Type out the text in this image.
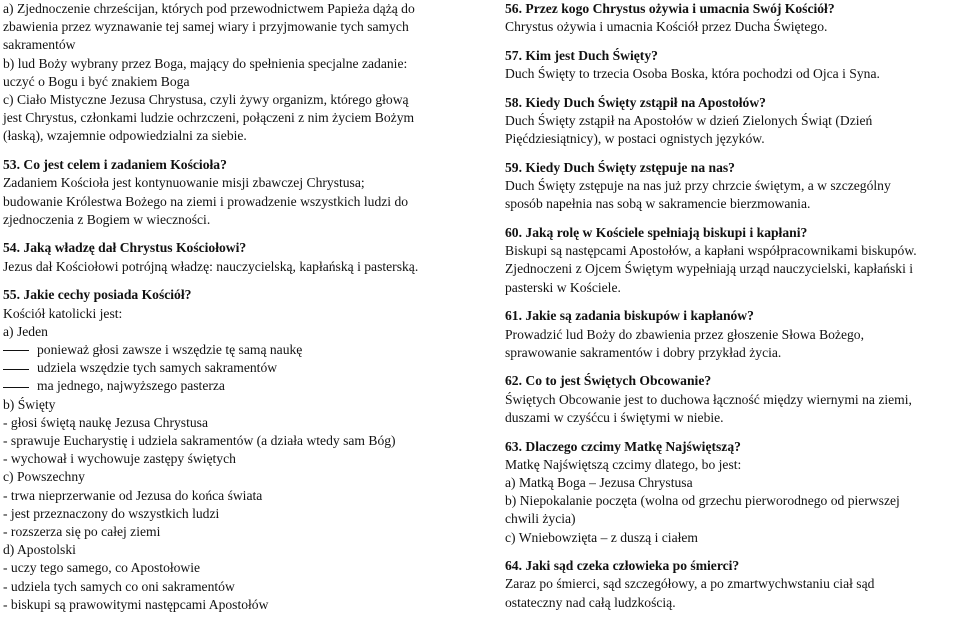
a) Zjednoczenie chrześcijan, których pod przewodnictwem Papieża dążą do
zbawienia przez wyznawanie tej samej wiary i przyjmowanie tych samych
sakramentów
b) lud Boży wybrany przez Boga, mający do spełnienia specjalne zadanie:
uczyć o Bogu i być znakiem Boga
c) Ciało Mistyczne Jezusa Chrystusa, czyli żywy organizm, którego głową
jest Chrystus, członkami ludzie ochrzczeni, połączeni z nim życiem Bożym
(łaską), wzajemnie odpowiedzialni za siebie.
53. Co jest celem i zadaniem Kościoła?
Zadaniem Kościoła jest kontynuowanie misji zbawczej Chrystusa;
budowanie Królestwa Bożego na ziemi i prowadzenie wszystkich ludzi do
zjednoczenia z Bogiem w wieczności.
54. Jaką władzę dał Chrystus Kościołowi?
Jezus dał Kościołowi potrójną władzę: nauczycielską, kapłańską i pasterską.
55. Jakie cechy posiada Kościół?
Kościół katolicki jest:
a) Jeden
ponieważ głosi zawsze i wszędzie tę samą naukę
udziela wszędzie tych samych sakramentów
ma jednego, najwyższego pasterza
b) Święty
- głosi świętą naukę Jezusa Chrystusa
- sprawuje Eucharystię i udziela sakramentów (a działa wtedy sam Bóg)
- wychował i wychowuje zastępy świętych
c) Powszechny
- trwa nieprzerwanie od Jezusa do końca świata
- jest przeznaczony do wszystkich ludzi
- rozszerza się po całej ziemi
d) Apostolski
- uczy tego samego, co Apostołowie
- udziela tych samych co oni sakramentów
- biskupi są prawowitymi następcami Apostołów
56. Przez kogo Chrystus ożywia i umacnia Swój Kościół?
Chrystus ożywia i umacnia Kościół przez Ducha Świętego.
57. Kim jest Duch Święty?
Duch Święty to trzecia Osoba Boska, która pochodzi od Ojca i Syna.
58. Kiedy Duch Święty zstąpił na Apostołów?
Duch Święty zstąpił na Apostołów w dzień Zielonych Świąt (Dzień
Pięćdziesiątnicy), w postaci ognistych języków.
59. Kiedy Duch Święty zstępuje na nas?
Duch Święty zstępuje na nas już przy chrzcie świętym, a w szczególny
sposób napełnia nas sobą w sakramencie bierzmowania.
60. Jaką rolę w Kościele spełniają biskupi i kapłani?
Biskupi są następcami Apostołów, a kapłani współpracownikami biskupów.
Zjednoczeni z Ojcem Świętym wypełniają urząd nauczycielski, kapłański i
pasterski w Kościele.
61. Jakie są zadania biskupów i kapłanów?
Prowadzić lud Boży do zbawienia przez głoszenie Słowa Bożego,
sprawowanie sakramentów i dobry przykład życia.
62. Co to jest Świętych Obcowanie?
Świętych Obcowanie jest to duchowa łączność między wiernymi na ziemi,
duszami w czyśćcu i świętymi w niebie.
63. Dlaczego czcimy Matkę Najświętszą?
Matkę Najświętszą czcimy dlatego, bo jest:
a) Matką Boga – Jezusa Chrystusa
b) Niepokalanie poczęta (wolna od grzechu pierworodnego od pierwszej
chwili życia)
c) Wniebowzięta – z duszą i ciałem
64. Jaki sąd czeka człowieka po śmierci?
Zaraz po śmierci, sąd szczegółowy, a po zmartwychwstaniu ciał sąd
ostateczny nad całą ludzkością.
